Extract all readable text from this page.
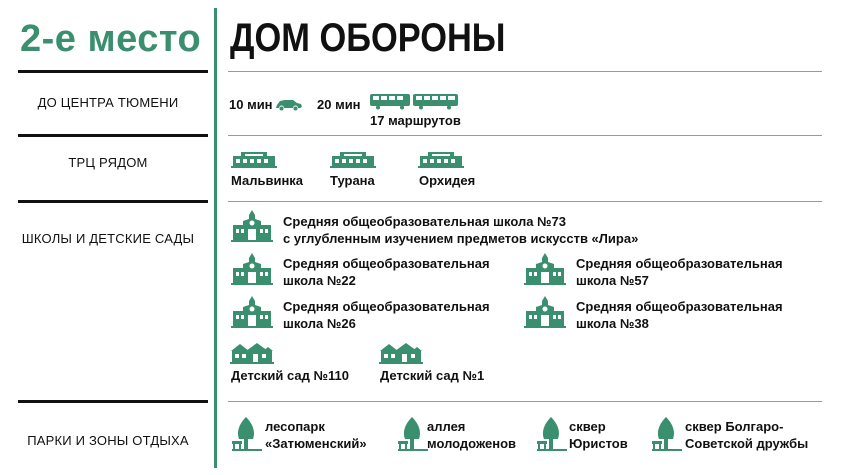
2-е место ДОМ ОБОРОНЫ
ДО ЦЕНТРА ТЮМЕНИ	10 мин	20 мин
17 маршрутов
ТРЦ РЯДОМ
Мальвинка Турана	Орхидея
ШКОЛЫ И ДЕТСКИЕ САДЫ
Средняя общеобразовательная школа №73
с углубленным изучением предметов искусств «Лира»
Средняя общеобразовательная
школа №22
Средняя общеобразовательная
школа №57
Средняя общеобразовательная
школа №26
Средняя общеобразовательная
школа №38
Детский сад №110 Детский сад №1
ПАРКИ И ЗОНЫ ОТДЫХА
лесопарк
«Затюменский»
аллея
молодоженов
сквер
Юристов
сквер Болгаро-
Советской дружбы
